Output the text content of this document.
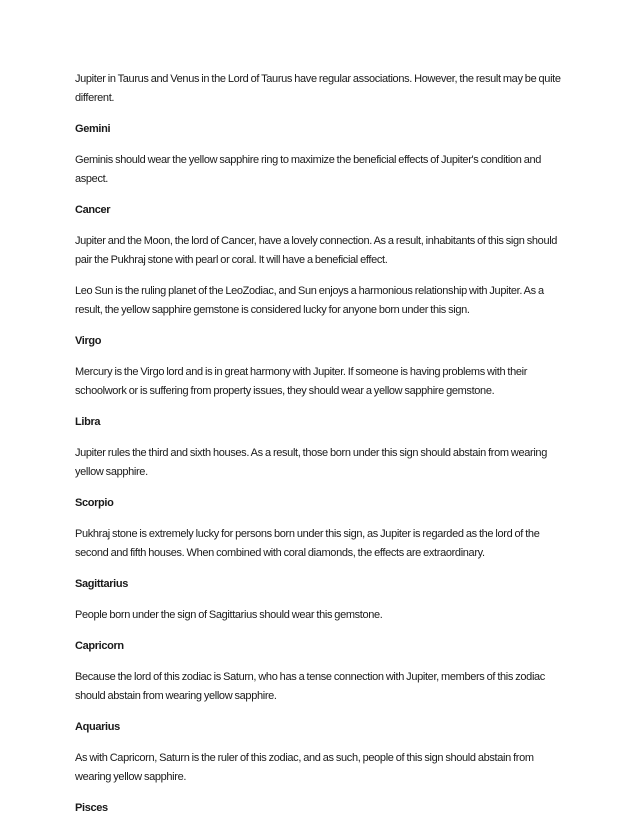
Jupiter in Taurus and Venus in the Lord of Taurus have regular associations. However, the result may be quite different.

Gemini

Geminis should wear the yellow sapphire ring to maximize the beneficial effects of Jupiter's condition and aspect.

Cancer

Jupiter and the Moon, the lord of Cancer, have a lovely connection. As a result, inhabitants of this sign should pair the Pukhraj stone with pearl or coral. It will have a beneficial effect.

Leo Sun is the ruling planet of the LeoZodiac, and Sun enjoys a harmonious relationship with Jupiter. As a result, the yellow sapphire gemstone is considered lucky for anyone born under this sign.

Virgo

Mercury is the Virgo lord and is in great harmony with Jupiter. If someone is having problems with their schoolwork or is suffering from property issues, they should wear a yellow sapphire gemstone.

Libra

Jupiter rules the third and sixth houses. As a result, those born under this sign should abstain from wearing yellow sapphire.

Scorpio

Pukhraj stone is extremely lucky for persons born under this sign, as Jupiter is regarded as the lord of the second and fifth houses. When combined with coral diamonds, the effects are extraordinary.

Sagittarius

People born under the sign of Sagittarius should wear this gemstone.

Capricorn

Because the lord of this zodiac is Saturn, who has a tense connection with Jupiter, members of this zodiac should abstain from wearing yellow sapphire.

Aquarius

As with Capricorn, Saturn is the ruler of this zodiac, and as such, people of this sign should abstain from wearing yellow sapphire.

Pisces
